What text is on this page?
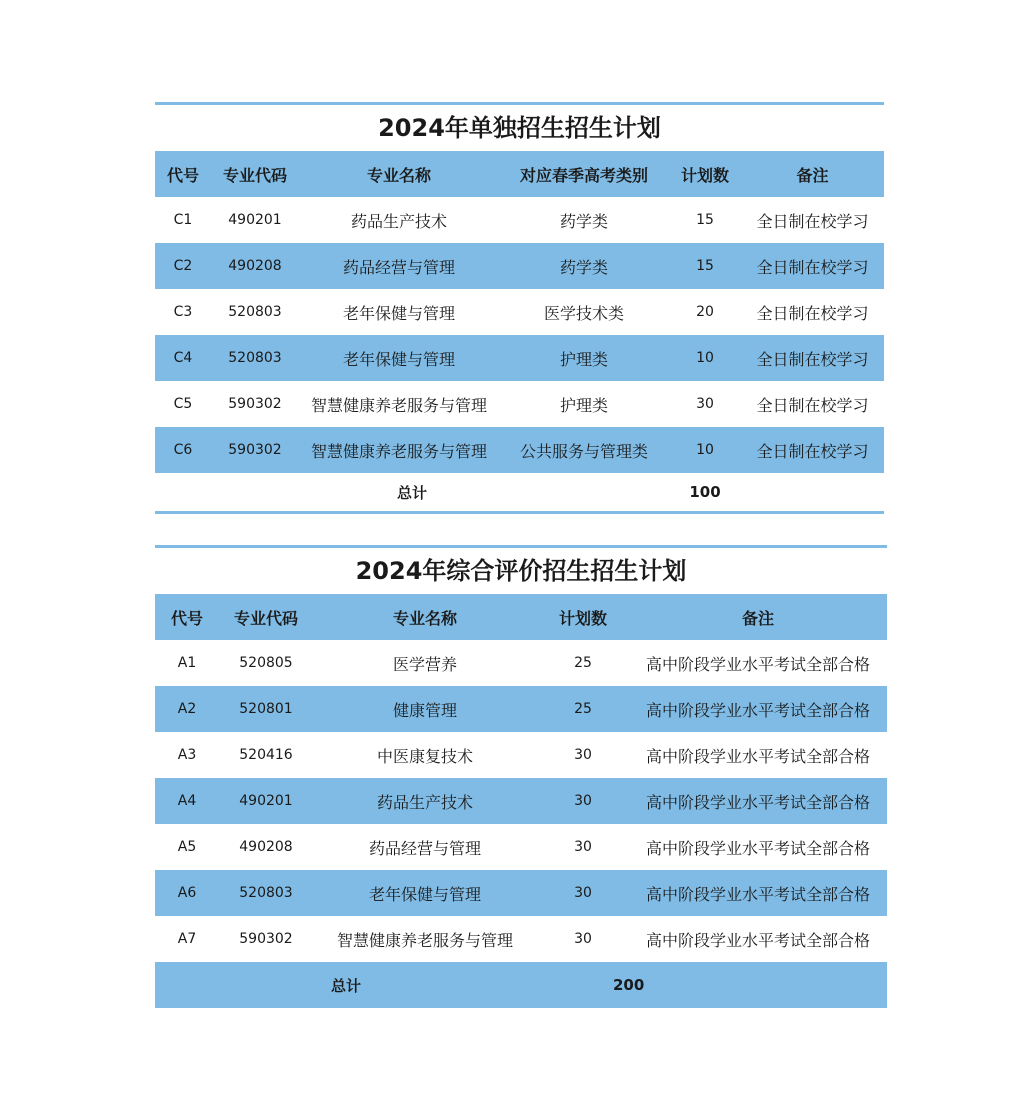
2024年单独招生招生计划
代号	专业代码	专业名称	对应春季高考类别	计划数	备注
C1	490201	药品生产技术	药学类	15	全日制在校学习
C2	490208	药品经营与管理	药学类	15	全日制在校学习
C3	520803	老年保健与管理	医学技术类	20	全日制在校学习
C4	520803	老年保健与管理	护理类	10	全日制在校学习
C5	590302	智慧健康养老服务与管理	护理类	30	全日制在校学习
C6	590302	智慧健康养老服务与管理	公共服务与管理类	10	全日制在校学习
总计				100	
2024年综合评价招生招生计划
代号	专业代码	专业名称	计划数	备注
A1	520805	医学营养	25	高中阶段学业水平考试全部合格
A2	520801	健康管理	25	高中阶段学业水平考试全部合格
A3	520416	中医康复技术	30	高中阶段学业水平考试全部合格
A4	490201	药品生产技术	30	高中阶段学业水平考试全部合格
A5	490208	药品经营与管理	30	高中阶段学业水平考试全部合格
A6	520803	老年保健与管理	30	高中阶段学业水平考试全部合格
A7	590302	智慧健康养老服务与管理	30	高中阶段学业水平考试全部合格
总计			200	
